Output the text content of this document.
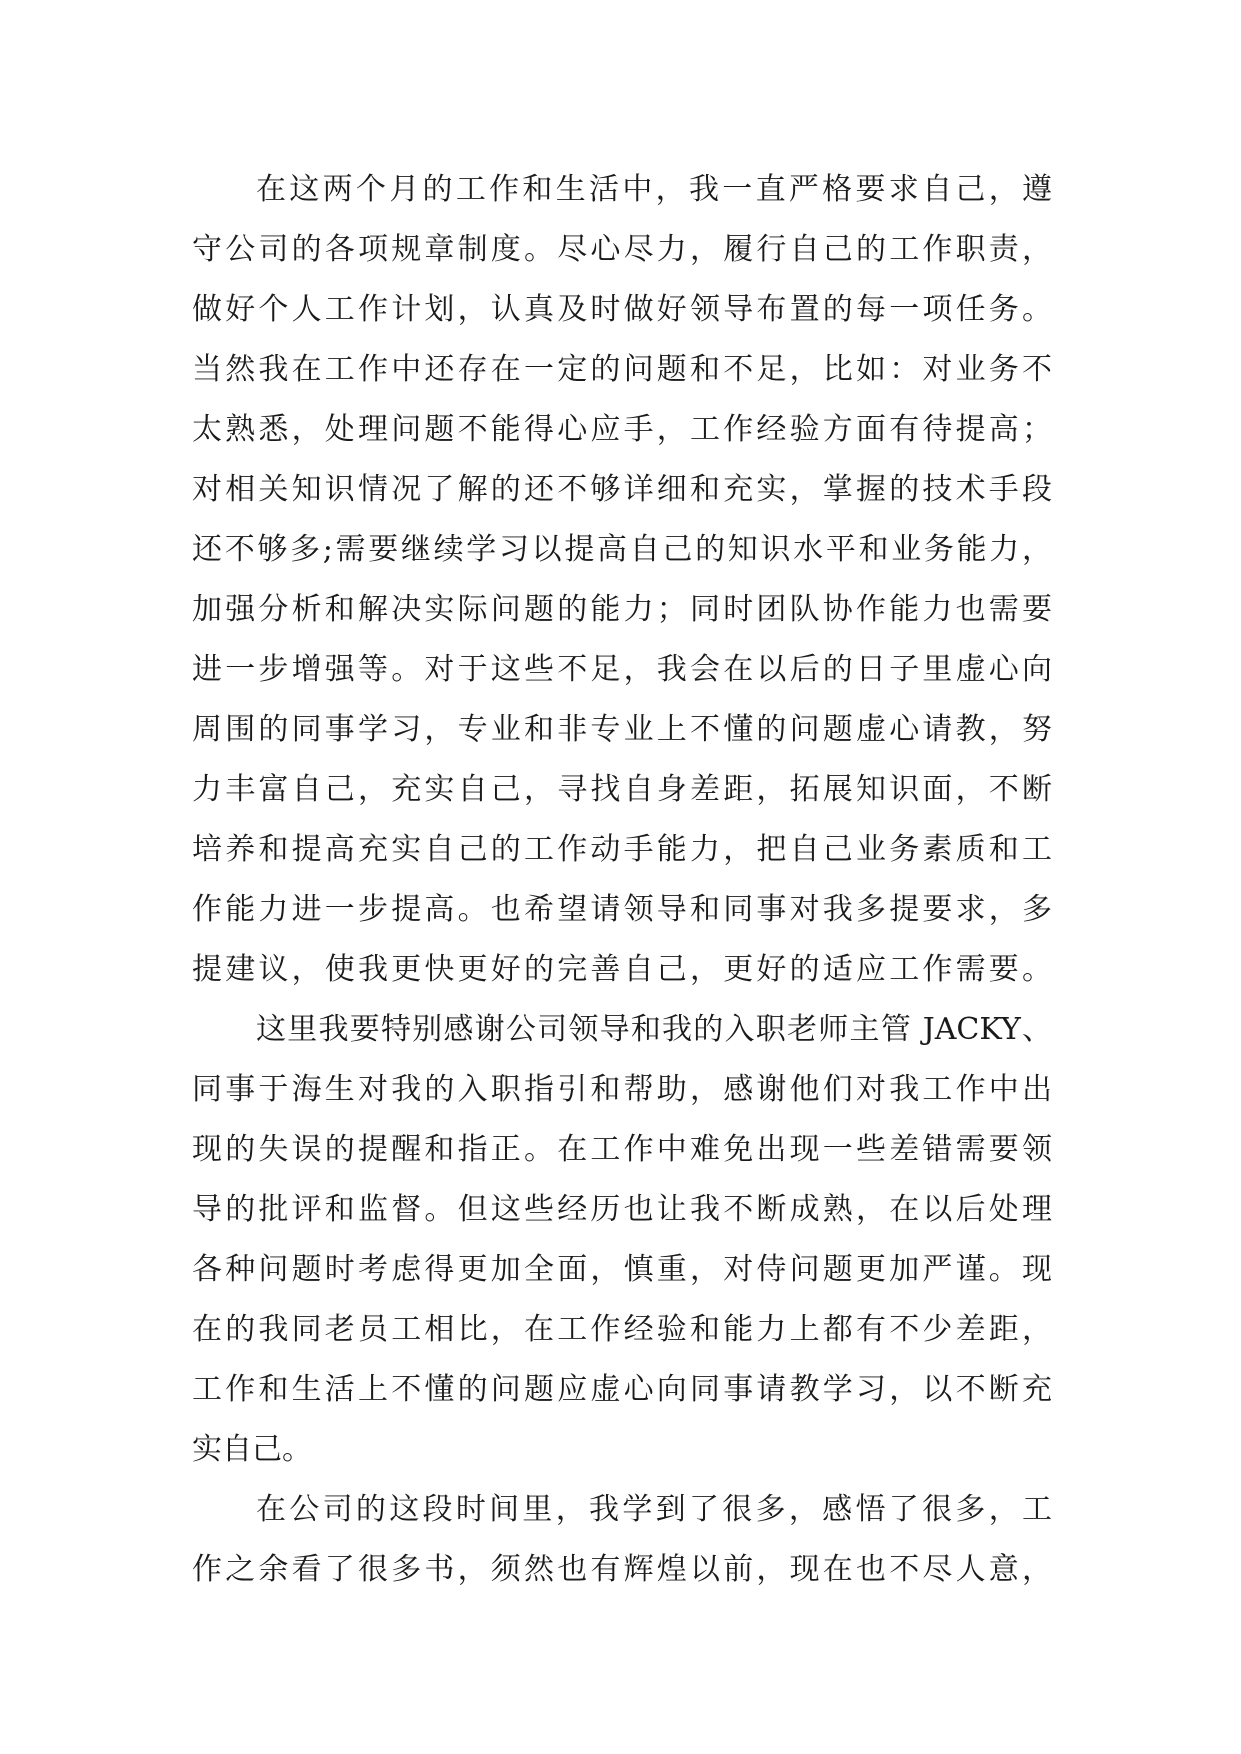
在这两个月的工作和生活中，我一直严格要求自己，遵
守公司的各项规章制度。尽心尽力，履行自己的工作职责，
做好个人工作计划，认真及时做好领导布置的每一项任务。
当然我在工作中还存在一定的问题和不足，比如：对业务不
太熟悉，处理问题不能得心应手，工作经验方面有待提高；
对相关知识情况了解的还不够详细和充实，掌握的技术手段
还不够多;需要继续学习以提高自己的知识水平和业务能力，
加强分析和解决实际问题的能力；同时团队协作能力也需要
进一步增强等。对于这些不足，我会在以后的日子里虚心向
周围的同事学习，专业和非专业上不懂的问题虚心请教，努
力丰富自己，充实自己，寻找自身差距，拓展知识面，不断
培养和提高充实自己的工作动手能力，把自己业务素质和工
作能力进一步提高。也希望请领导和同事对我多提要求，多
提建议，使我更快更好的完善自己，更好的适应工作需要。
这里我要特别感谢公司领导和我的入职老师主管 JACKY、
同事于海生对我的入职指引和帮助，感谢他们对我工作中出
现的失误的提醒和指正。在工作中难免出现一些差错需要领
导的批评和监督。但这些经历也让我不断成熟，在以后处理
各种问题时考虑得更加全面，慎重，对侍问题更加严谨。现
在的我同老员工相比，在工作经验和能力上都有不少差距，
工作和生活上不懂的问题应虚心向同事请教学习，以不断充
实自己。
在公司的这段时间里，我学到了很多，感悟了很多，工
作之余看了很多书，须然也有辉煌以前，现在也不尽人意，
